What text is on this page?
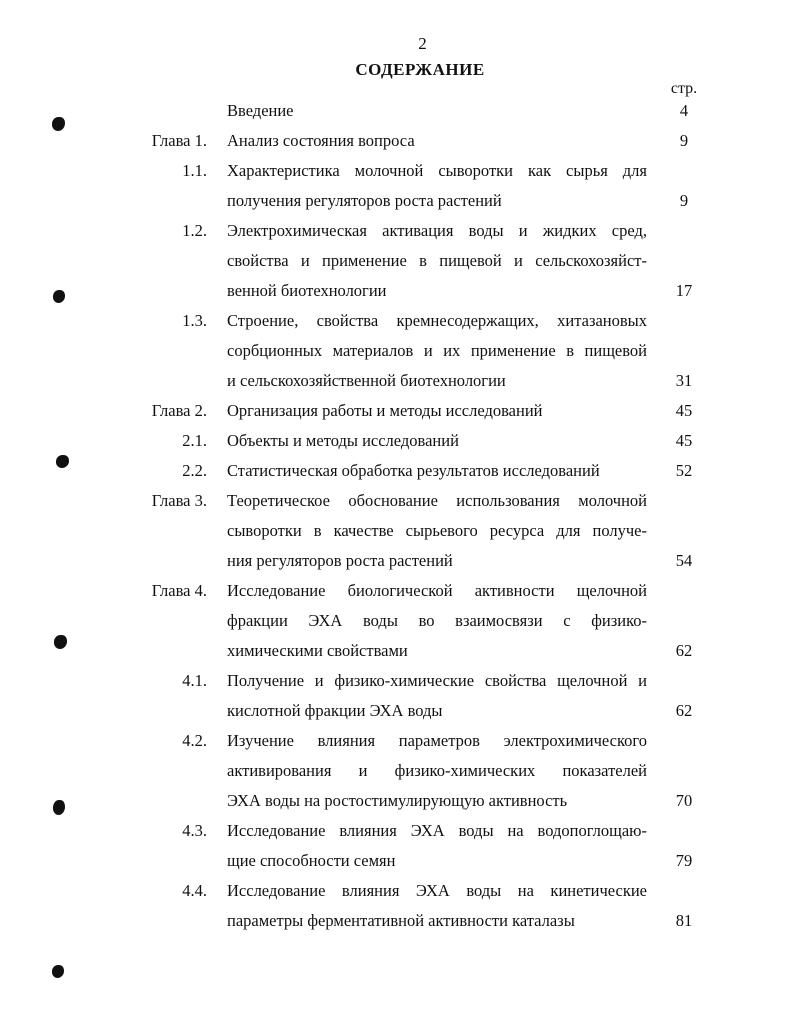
2
СОДЕРЖАНИЕ
стр.
Введение	4
Глава 1. Анализ состояния вопроса	9
1.1. Характеристика молочной сыворотки как сырья для
получения регуляторов роста растений	9
1.2. Электрохимическая активация воды и жидких сред,
свойства и применение в пищевой и сельскохозяйст-
венной биотехнологии	17
1.3. Строение, свойства кремнесодержащих, хитазановых
сорбционных материалов и их применение в пищевой
и сельскохозяйственной биотехнологии	31
Глава 2. Организация работы и методы исследований	45
2.1. Объекты и методы исследований	45
2.2. Статистическая обработка результатов исследований	52
Глава 3. Теоретическое обоснование использования молочной
сыворотки в качестве сырьевого ресурса для получе-
ния регуляторов роста растений	54
Глава 4. Исследование биологической активности щелочной
фракции ЭХА воды во взаимосвязи с физико-
химическими свойствами	62
4.1. Получение и физико-химические свойства щелочной и
кислотной фракции ЭХА воды	62
4.2. Изучение влияния параметров электрохимического
активирования и физико-химических показателей
ЭХА воды на ростостимулирующую активность	70
4.3. Исследование влияния ЭХА воды на водопоглощаю-
щие способности семян	79
4.4. Исследование влияния ЭХА воды на кинетические
параметры ферментативной активности каталазы	81
